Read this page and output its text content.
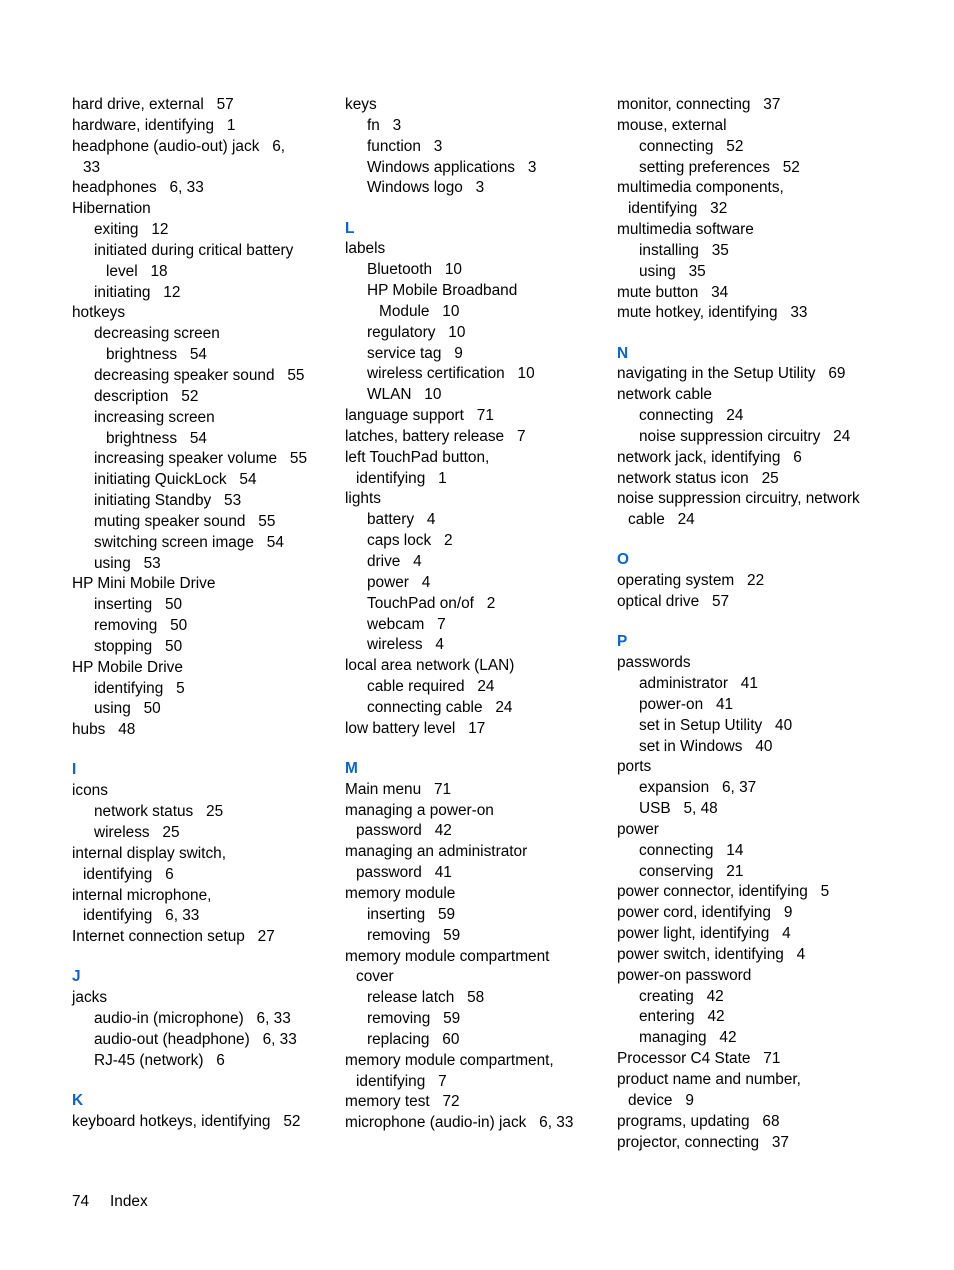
hard drive, external   57
hardware, identifying   1
headphone (audio-out) jack   6,
33
headphones   6, 33
Hibernation
exiting   12
initiated during critical battery
level   18
initiating   12
hotkeys
decreasing screen
brightness   54
decreasing speaker sound   55
description   52
increasing screen
brightness   54
increasing speaker volume   55
initiating QuickLock   54
initiating Standby   53
muting speaker sound   55
switching screen image   54
using   53
HP Mini Mobile Drive
inserting   50
removing   50
stopping   50
HP Mobile Drive
identifying   5
using   50
hubs   48
I
icons
network status   25
wireless   25
internal display switch,
identifying   6
internal microphone,
identifying   6, 33
Internet connection setup   27
J
jacks
audio-in (microphone)   6, 33
audio-out (headphone)   6, 33
RJ-45 (network)   6
K
keyboard hotkeys, identifying   52
keys
fn   3
function   3
Windows applications   3
Windows logo   3
L
labels
Bluetooth   10
HP Mobile Broadband
Module   10
regulatory   10
service tag   9
wireless certification   10
WLAN   10
language support   71
latches, battery release   7
left TouchPad button,
identifying   1
lights
battery   4
caps lock   2
drive   4
power   4
TouchPad on/of   2
webcam   7
wireless   4
local area network (LAN)
cable required   24
connecting cable   24
low battery level   17
M
Main menu   71
managing a power-on
password   42
managing an administrator
password   41
memory module
inserting   59
removing   59
memory module compartment
cover
release latch   58
removing   59
replacing   60
memory module compartment,
identifying   7
memory test   72
microphone (audio-in) jack   6, 33
monitor, connecting   37
mouse, external
connecting   52
setting preferences   52
multimedia components,
identifying   32
multimedia software
installing   35
using   35
mute button   34
mute hotkey, identifying   33
N
navigating in the Setup Utility   69
network cable
connecting   24
noise suppression circuitry   24
network jack, identifying   6
network status icon   25
noise suppression circuitry, network
cable   24
O
operating system   22
optical drive   57
P
passwords
administrator   41
power-on   41
set in Setup Utility   40
set in Windows   40
ports
expansion   6, 37
USB   5, 48
power
connecting   14
conserving   21
power connector, identifying   5
power cord, identifying   9
power light, identifying   4
power switch, identifying   4
power-on password
creating   42
entering   42
managing   42
Processor C4 State   71
product name and number,
device   9
programs, updating   68
projector, connecting   37
74 Index
